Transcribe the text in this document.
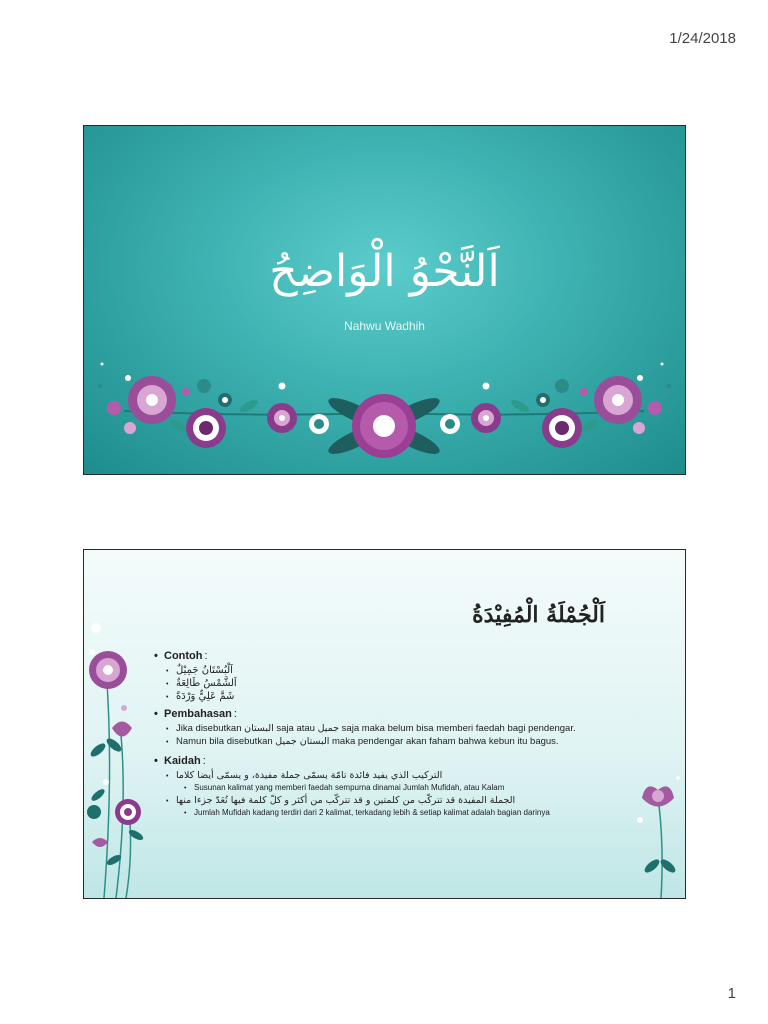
1/24/2018
اَلنَّحْوُ الْوَاضِحُ
Nahwu Wadhih
اَلْجُمْلَةُ الْمُفِيْدَةُ
• Contoh :
• اَلْبُسْتَانُ جَمِيْلٌ
• اَلشَّمْسُ طَالِعَةٌ
• شَمَّ عَلِيٌّ وَرْدَةً
• Pembahasan :
• Jika disebutkan البستان saja atau جميل saja maka belum bisa memberi faedah bagi pendengar.
• Namun bila disebutkan البستان جميل maka pendengar akan faham bahwa kebun itu bagus.
• Kaidah :
• التركيب الذي يفيد فائدة تامّة يسمّى جملة مفيدة، و يسمّى أيضا كلاما
• Susunan kalimat yang memberi faedah sempurna dinamai Jumlah Mufidah, atau Kalam
• الجملة المفيدة قد تتركّب من كلمتين و قد تتركّب من أكثر و كلّ كلمة فيها تُعَدّ جزءا منها
• Jumlah Mufidah kadang terdiri dari 2 kalimat, terkadang lebih & setiap kalimat adalah bagian darinya
1
